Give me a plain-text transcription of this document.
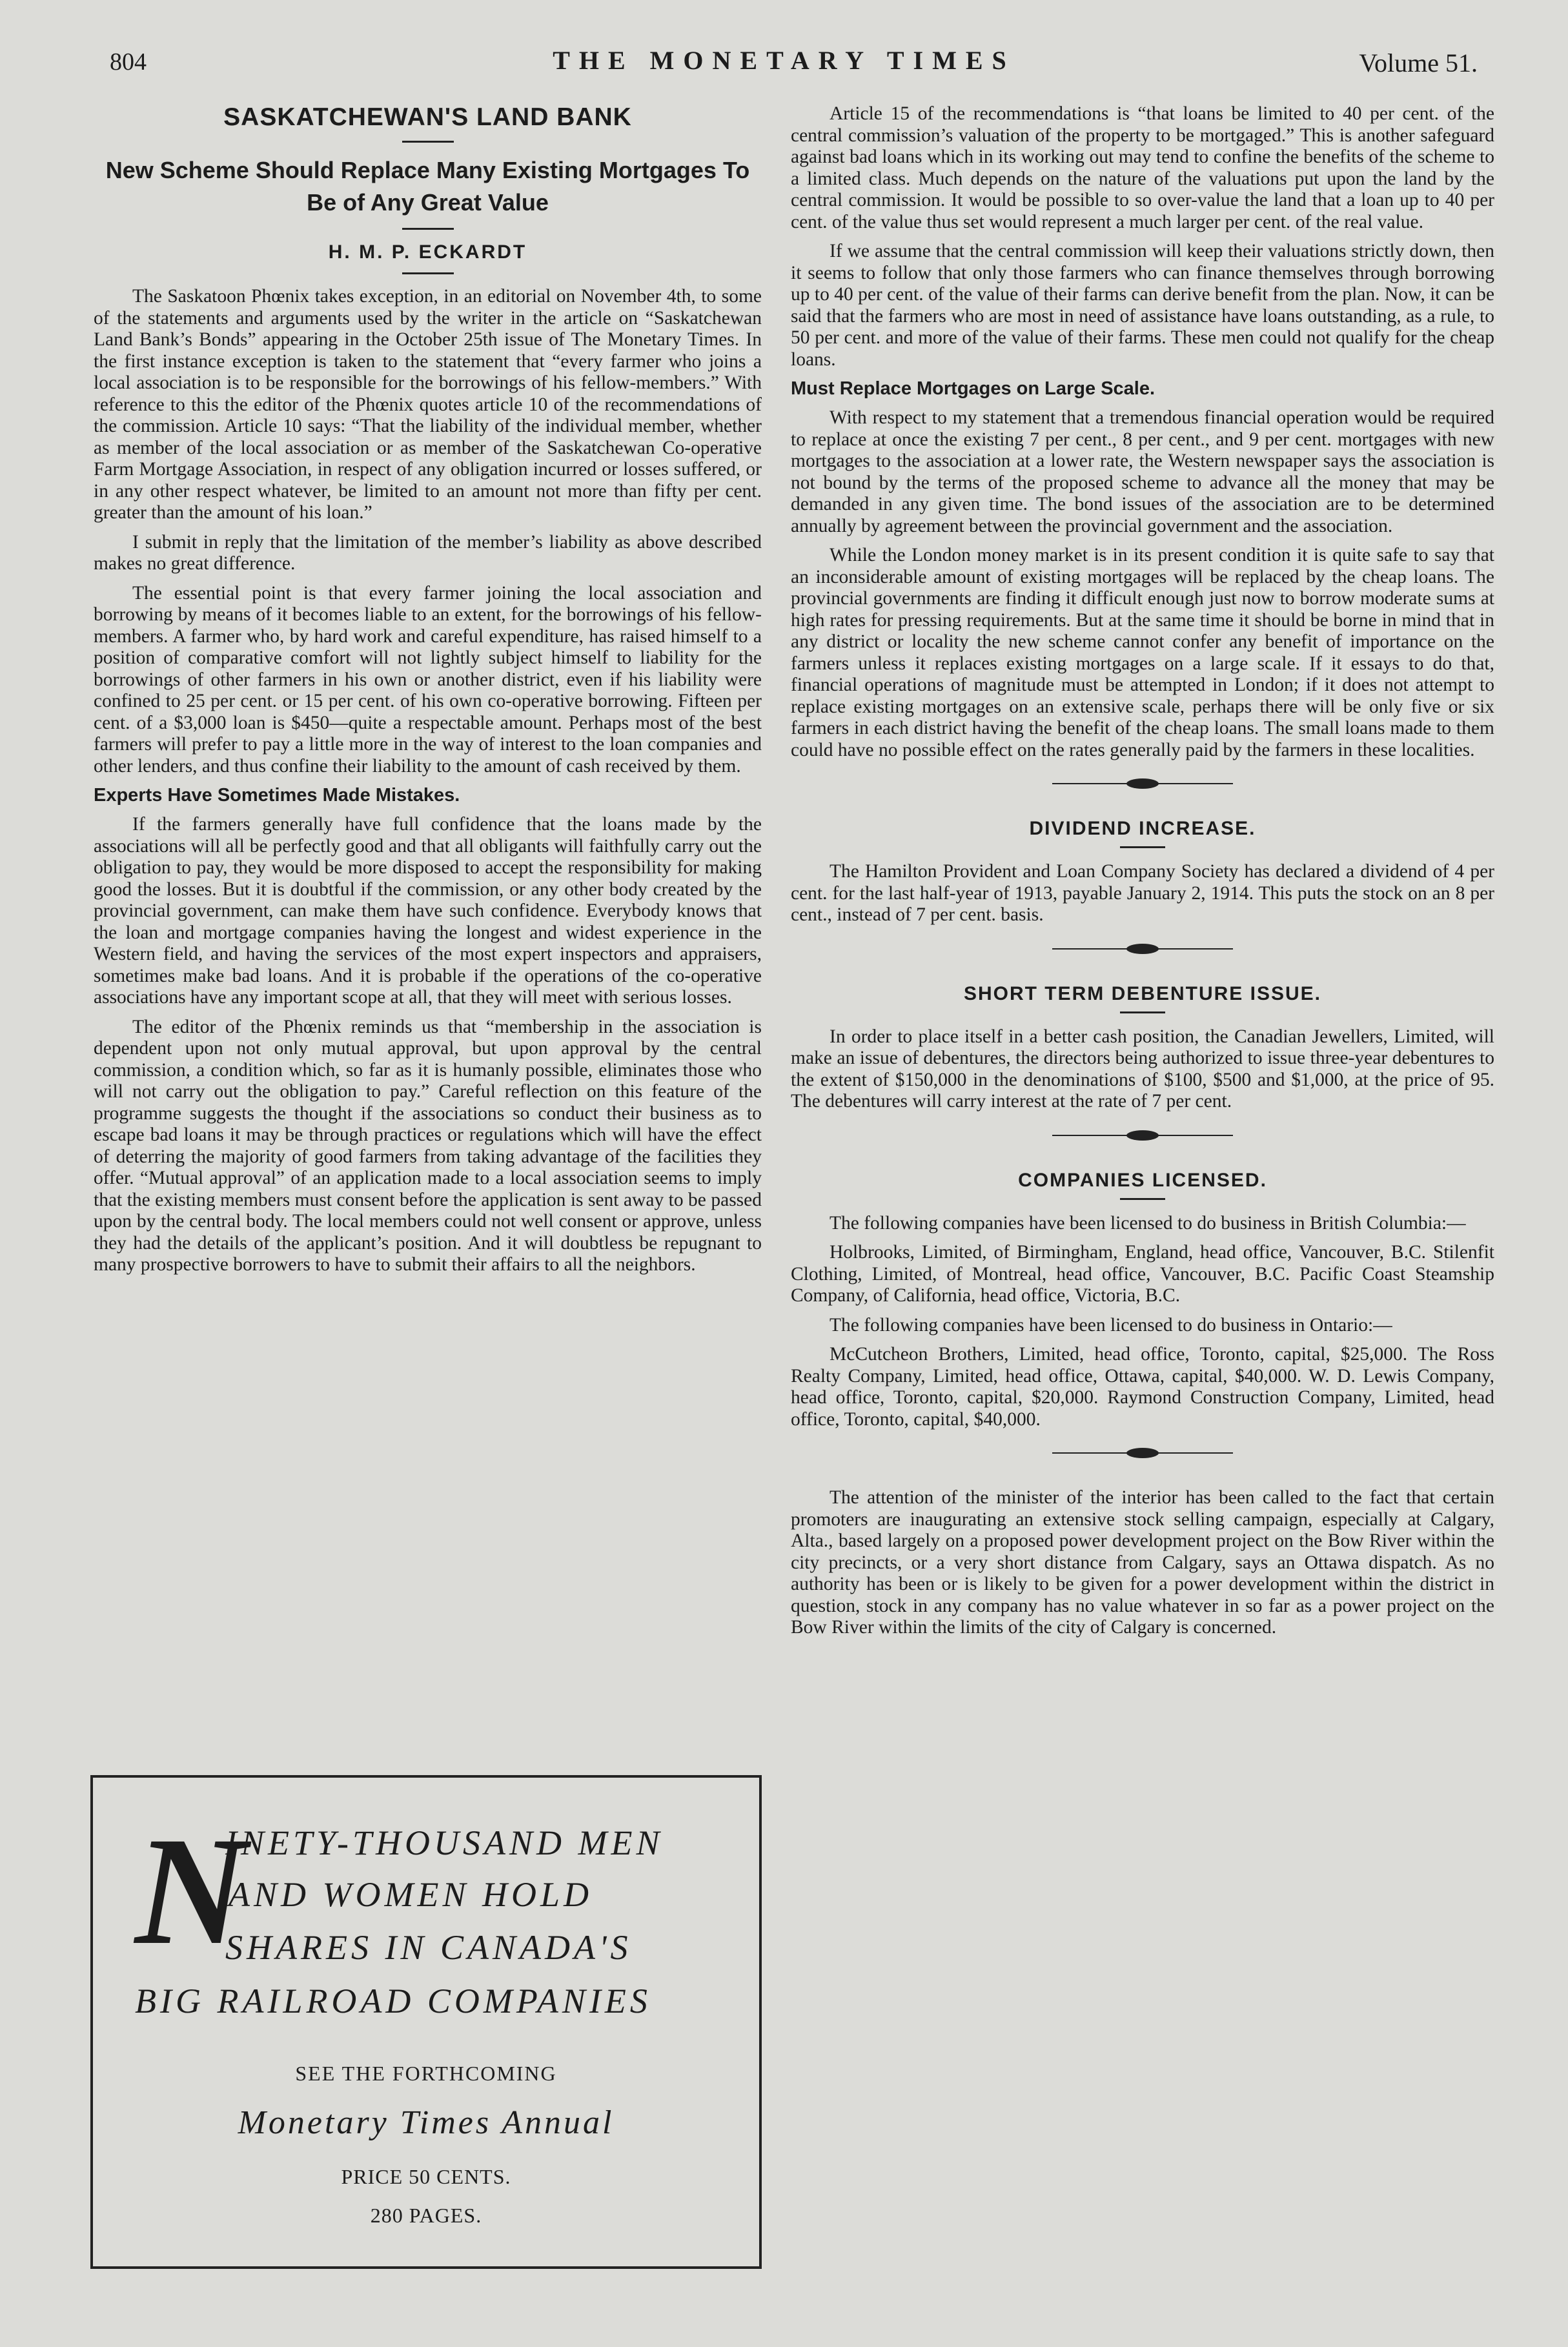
804	THE MONETARY TIMES	Volume 51.
SASKATCHEWAN'S LAND BANK
New Scheme Should Replace Many Existing Mortgages To Be of Any Great Value
H. M. P. ECKARDT

The Saskatoon Phœnix takes exception, in an editorial on November 4th, to some of the statements and arguments used by the writer in the article on “Saskatchewan Land Bank’s Bonds” appearing in the October 25th issue of The Monetary Times. In the first instance exception is taken to the statement that “every farmer who joins a local association is to be responsible for the borrowings of his fellow-members.” With reference to this the editor of the Phœnix quotes article 10 of the recommendations of the commission. Article 10 says: “That the liability of the individual member, whether as member of the local association or as member of the Saskatchewan Co-operative Farm Mortgage Association, in respect of any obligation incurred or losses suffered, or in any other respect whatever, be limited to an amount not more than fifty per cent. greater than the amount of his loan.”

I submit in reply that the limitation of the member’s liability as above described makes no great difference.

The essential point is that every farmer joining the local association and borrowing by means of it becomes liable to an extent, for the borrowings of his fellow-members. A farmer who, by hard work and careful expenditure, has raised himself to a position of comparative comfort will not lightly subject himself to liability for the borrowings of other farmers in his own or another district, even if his liability were confined to 25 per cent. or 15 per cent. of his own co-operative borrowing. Fifteen per cent. of a $3,000 loan is $450—quite a respectable amount. Perhaps most of the best farmers will prefer to pay a little more in the way of interest to the loan companies and other lenders, and thus confine their liability to the amount of cash received by them.

Experts Have Sometimes Made Mistakes.

If the farmers generally have full confidence that the loans made by the associations will all be perfectly good and that all obligants will faithfully carry out the obligation to pay, they would be more disposed to accept the responsibility for making good the losses. But it is doubtful if the commission, or any other body created by the provincial government, can make them have such confidence. Everybody knows that the loan and mortgage companies having the longest and widest experience in the Western field, and having the services of the most expert inspectors and appraisers, sometimes make bad loans. And it is probable if the operations of the co-operative associations have any important scope at all, that they will meet with serious losses.

The editor of the Phœnix reminds us that “membership in the association is dependent upon not only mutual approval, but upon approval by the central commission, a condition which, so far as it is humanly possible, eliminates those who will not carry out the obligation to pay.” Careful reflection on this feature of the programme suggests the thought if the associations so conduct their business as to escape bad loans it may be through practices or regulations which will have the effect of deterring the majority of good farmers from taking advantage of the facilities they offer. “Mutual approval” of an application made to a local association seems to imply that the existing members must consent before the application is sent away to be passed upon by the central body. The local members could not well consent or approve, unless they had the details of the applicant’s position. And it will doubtless be repugnant to many prospective borrowers to have to submit their affairs to all the neighbors.

Article 15 of the recommendations is “that loans be limited to 40 per cent. of the central commission’s valuation of the property to be mortgaged.” This is another safeguard against bad loans which in its working out may tend to confine the benefits of the scheme to a limited class. Much depends on the nature of the valuations put upon the land by the central commission. It would be possible to so over-value the land that a loan up to 40 per cent. of the value thus set would represent a much larger per cent. of the real value.

If we assume that the central commission will keep their valuations strictly down, then it seems to follow that only those farmers who can finance themselves through borrowing up to 40 per cent. of the value of their farms can derive benefit from the plan. Now, it can be said that the farmers who are most in need of assistance have loans outstanding, as a rule, to 50 per cent. and more of the value of their farms. These men could not qualify for the cheap loans.

Must Replace Mortgages on Large Scale.

With respect to my statement that a tremendous financial operation would be required to replace at once the existing 7 per cent., 8 per cent., and 9 per cent. mortgages with new mortgages to the association at a lower rate, the Western newspaper says the association is not bound by the terms of the proposed scheme to advance all the money that may be demanded in any given time. The bond issues of the association are to be determined annually by agreement between the provincial government and the association.

While the London money market is in its present condition it is quite safe to say that an inconsiderable amount of existing mortgages will be replaced by the cheap loans. The provincial governments are finding it difficult enough just now to borrow moderate sums at high rates for pressing requirements. But at the same time it should be borne in mind that in any district or locality the new scheme cannot confer any benefit of importance on the farmers unless it replaces existing mortgages on a large scale. If it essays to do that, financial operations of magnitude must be attempted in London; if it does not attempt to replace existing mortgages on an extensive scale, perhaps there will be only five or six farmers in each district having the benefit of the cheap loans. The small loans made to them could have no possible effect on the rates generally paid by the farmers in these localities.

DIVIDEND INCREASE.

The Hamilton Provident and Loan Company Society has declared a dividend of 4 per cent. for the last half-year of 1913, payable January 2, 1914. This puts the stock on an 8 per cent., instead of 7 per cent. basis.

SHORT TERM DEBENTURE ISSUE.

In order to place itself in a better cash position, the Canadian Jewellers, Limited, will make an issue of debentures, the directors being authorized to issue three-year debentures to the extent of $150,000 in the denominations of $100, $500 and $1,000, at the price of 95. The debentures will carry interest at the rate of 7 per cent.

COMPANIES LICENSED.

The following companies have been licensed to do business in British Columbia:—

Holbrooks, Limited, of Birmingham, England, head office, Vancouver, B.C. Stilenfit Clothing, Limited, of Montreal, head office, Vancouver, B.C. Pacific Coast Steamship Company, of California, head office, Victoria, B.C.

The following companies have been licensed to do business in Ontario:—

McCutcheon Brothers, Limited, head office, Toronto, capital, $25,000. The Ross Realty Company, Limited, head office, Ottawa, capital, $40,000. W. D. Lewis Company, head office, Toronto, capital, $20,000. Raymond Construction Company, Limited, head office, Toronto, capital, $40,000.

The attention of the minister of the interior has been called to the fact that certain promoters are inaugurating an extensive stock selling campaign, especially at Calgary, Alta., based largely on a proposed power development project on the Bow River within the city precincts, or a very short distance from Calgary, says an Ottawa dispatch. As no authority has been or is likely to be given for a power development within the district in question, stock in any company has no value whatever in so far as a power project on the Bow River within the limits of the city of Calgary is concerned.

N
INETY-THOUSAND MEN
AND WOMEN HOLD
SHARES IN CANADA'S
BIG RAILROAD COMPANIES
SEE THE FORTHCOMING
Monetary Times Annual
PRICE 50 CENTS.
280 PAGES.
